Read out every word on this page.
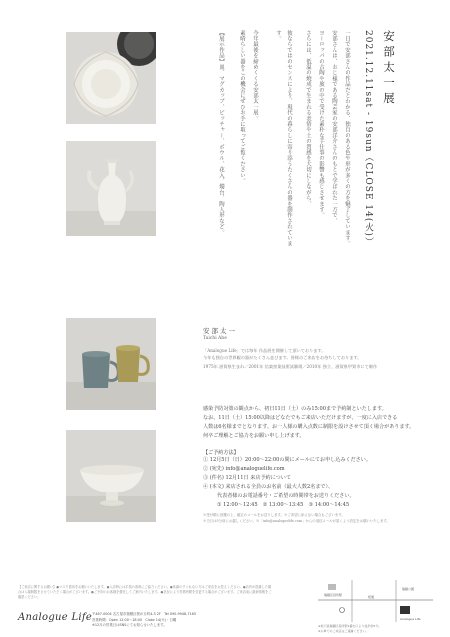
安部太一展
2021.12.11sat - 19sun（CLOSE 14(火)）

一日で安部さんの作品だとわかる、独自のある色や形が多くの方を魅了しています。

安部さんは、おじ様である陶芸家の安部洋介さんのもとで学ばれた一方で、

ヨーロッパの古陶や旅の中で受けた素朴な手仕事の影響も感じさせます。

さらには、低温の焼成で生まれる表情や土の質感を大切にしながら、

彼ならではのセンスにより、現代の暮らしに寄り添うたくさんの器を制作されています。

今年最後を締めくくる安部太一展。

素晴らしい器をこの機会にぜひお手に取ってご覧ください。

【展示作品】皿、マグカップ、ピッチャー、ボウル、花入、燭台、陶人形など。

安部太一
Taichi Abe
「Analogue Life」では毎年 作品展を開催して頂いております。
今年も独自の世界観の器がたくさん並びます。皆様のご来店をお待ちしております。
1975年 滋賀県生まれ／2001年 信楽窯業技術試験場／2010年 独立、滋賀県甲賀市にて制作
感染予防対策の観点から、初日11日（土）のみ15:00まで予約制といたします。
なお、11日（土）15:00以降はどなたでもご来店いただけますが、一度に入店できる
人数は6名様までとなります。お一人様の購入点数に制限を設けさせて頂く場合があります。
何卒ご理解とご協力をお願い申し上げます。
【ご予約方法】
① 12月5日（日）20:00〜22:00の間にメールにてお申し込みください。
② (宛先) info@analoguelife.com
③ (件名) 12月11日 来店予約について
④ (本文) 来店される全員のお名前（最大人数2名まで）、
代表者様のお電話番号・ご希望の時間帯をお送りください。
① 12:00〜12:45　② 13:00〜13:45　③ 14:00〜14:45
※受付順に抽選の上、確定のメールをお送りします。※ご希望に添えない場合もございます。
※当日は5分前にお越しください。※「info@analoguelife.com」からの返信メールが届くよう設定をお願いいたします。
【ご来店に関するお願い】●マスク着用をお願いいたします。●入店時には手指の消毒にご協力ください。●体調のすぐれない方はご来店をお控えください。●店内が混雑した場合は入場制限をさせていただく場合がございます。●ご予約のお客様を優先してご案内いたします。●状況により営業時間を変更する場合がございます。ご来店前に最新情報をご確認ください。
Analogue Life 〒467-0004 名古屋市瑞穂区桜が丘町4-3 2F　Tel 090-9948-7165
営業時間：Open 12:00〜18:00　Close 14(火)・日曜
※12月の営業日はSNSにてお知らせいたします。
瑞穂区役所駅	桜通
Analogue Life
瑞穂公園
※地下鉄瑞穂区役所駅1番出口より徒歩約5分。
※お車でのご来店はご遠慮ください。
